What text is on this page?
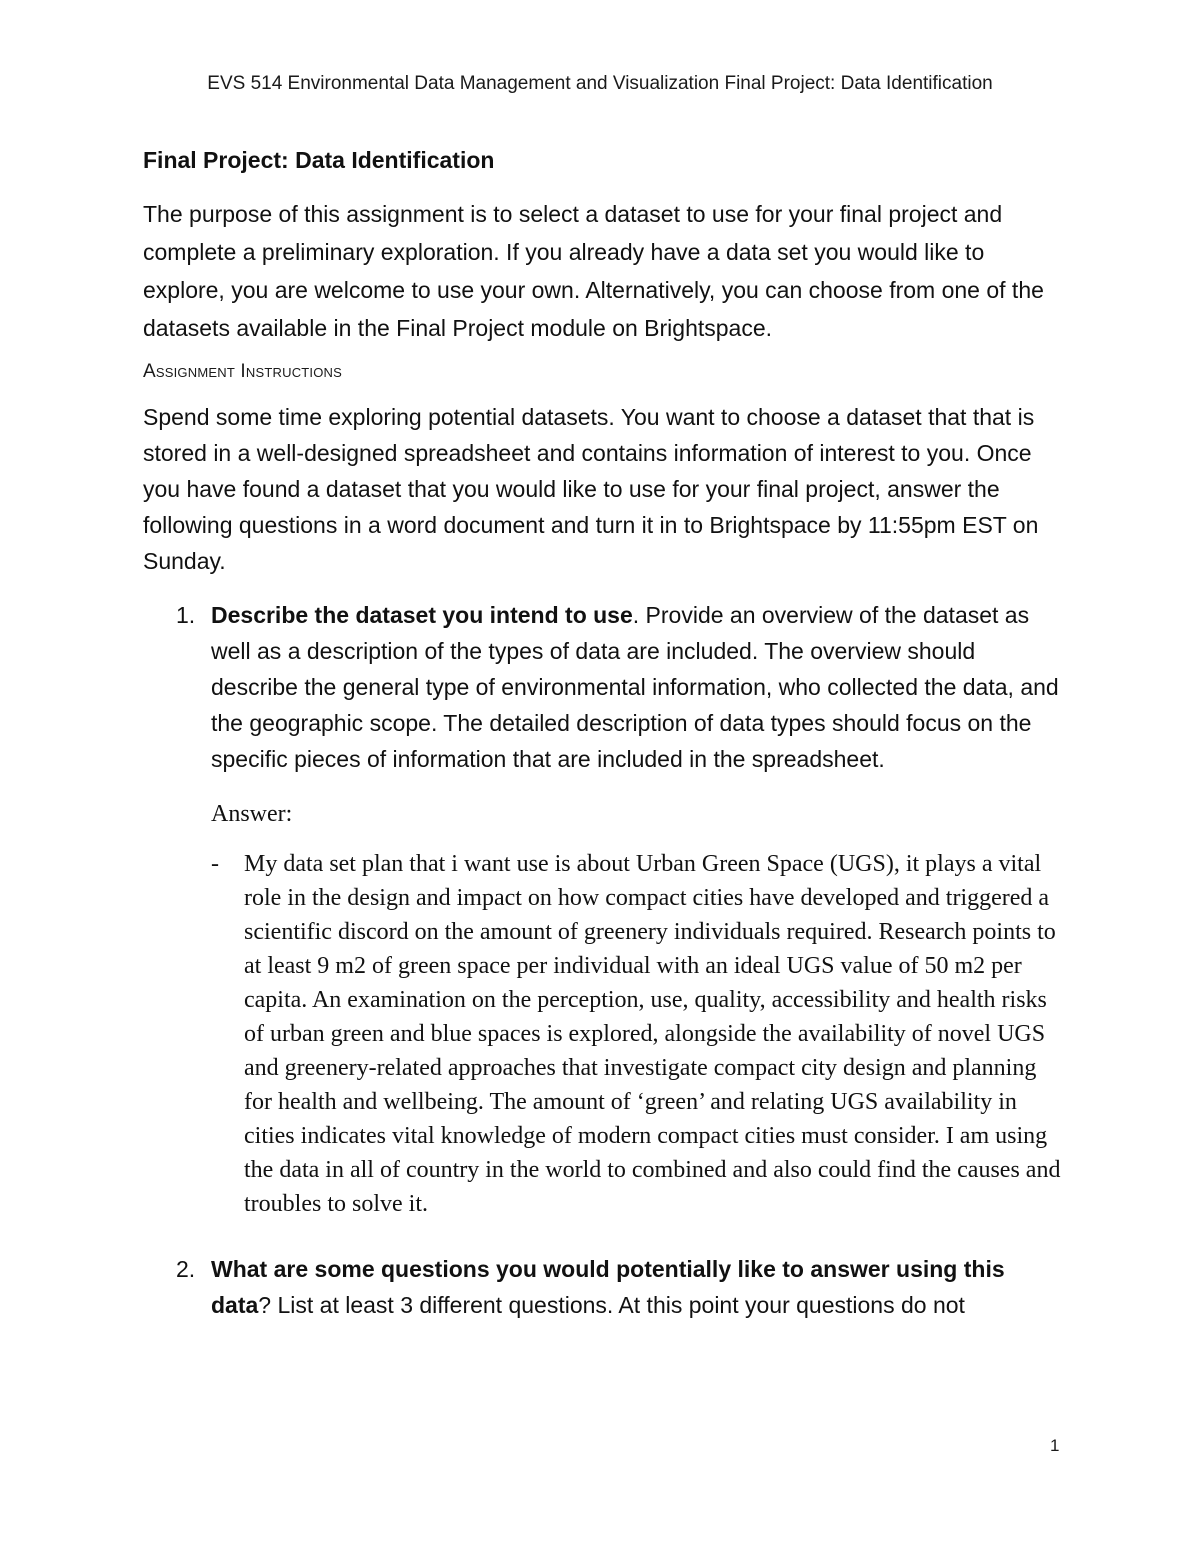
EVS 514 Environmental Data Management and Visualization Final Project: Data Identification
Final Project: Data Identification

The purpose of this assignment is to select a dataset to use for your final project and complete a preliminary exploration. If you already have a data set you would like to explore, you are welcome to use your own. Alternatively, you can choose from one of the datasets available in the Final Project module on Brightspace.

Assignment Instructions

Spend some time exploring potential datasets. You want to choose a dataset that that is stored in a well-designed spreadsheet and contains information of interest to you. Once you have found a dataset that you would like to use for your final project, answer the following questions in a word document and turn it in to Brightspace by 11:55pm EST on Sunday.

1. Describe the dataset you intend to use. Provide an overview of the dataset as well as a description of the types of data are included. The overview should describe the general type of environmental information, who collected the data, and the geographic scope. The detailed description of data types should focus on the specific pieces of information that are included in the spreadsheet.
Answer:
- My data set plan that i want use is about Urban Green Space (UGS), it plays a vital role in the design and impact on how compact cities have developed and triggered a scientific discord on the amount of greenery individuals required. Research points to at least 9 m2 of green space per individual with an ideal UGS value of 50 m2 per capita. An examination on the perception, use, quality, accessibility and health risks of urban green and blue spaces is explored, alongside the availability of novel UGS and greenery-related approaches that investigate compact city design and planning for health and wellbeing. The amount of ‘green’ and relating UGS availability in cities indicates vital knowledge of modern compact cities must consider. I am using the data in all of country in the world to combined and also could find the causes and troubles to solve it.
2. What are some questions you would potentially like to answer using this data? List at least 3 different questions. At this point your questions do not
1
